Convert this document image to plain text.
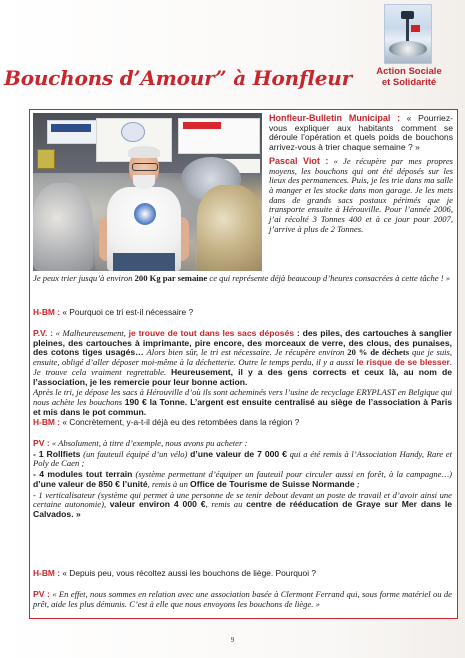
Action Sociale
et Solidarité
Bouchons d’Amour” à Honfleur

Honfleur-Bulletin Municipal : « Pourriez-vous expliquer aux habitants comment se déroule l’opération et quels poids de bouchons arrivez-vous à trier chaque semaine ? »

Pascal Viot : « Je récupère par mes propres moyens, les bouchons qui ont été déposés sur les lieux des permanences. Puis, je les trie dans ma salle à manger et les stocke dans mon garage. Je les mets dans de grands sacs postaux périmés que je transporte ensuite à Hérouville. Pour l’année 2006, j’ai récolté 3 Tonnes 400 et à ce jour pour 2007, j’arrive à plus de 2 Tonnes.

Je peux trier jusqu’à environ 200 Kg par semaine ce qui représente déjà beaucoup d’heures consacrées à cette tâche ! »
H-BM : « Pourquoi ce tri est-il nécessaire ?
P.V. : « Malheureusement, je trouve de tout dans les sacs déposés : des piles, des cartouches à sanglier pleines, des cartouches à imprimante, pire encore, des morceaux de verre, des clous, des punaises, des cotons tiges usagés… Alors bien sûr, le tri est nécessaire. Je récupère environ 20 % de déchets que je suis, ensuite, obligé d’aller déposer moi-même à la déchetterie. Outre le temps perdu, il y a aussi le risque de se blesser. Je trouve cela vraiment regrettable. Heureusement, il y a des gens corrects et ceux là, au nom de l’association, je les remercie pour leur bonne action.

Après le tri, je dépose les sacs à Hérouville d’où ils sont acheminés vers l’usine de recyclage ERYPLAST en Belgique qui nous achète les bouchons 190 € la Tonne. L’argent est ensuite centralisé au siège de l’association à Paris et mis dans le pot commun.

H-BM : « Concrètement, y-a-t-il déjà eu des retombées dans la région ?

PV : « Absolument, à titre d’exemple, nous avons pu acheter :

- 1 Rollfiets (un fauteuil équipé d’un vélo) d’une valeur de 7 000 € qui a été remis à l’Association Handy, Rare et Poly de Caen ;

- 4 modules tout terrain (système permettant d’équiper un fauteuil pour circuler aussi en forêt, à la campagne…) d’une valeur de 850 € l’unité, remis à un Office de Tourisme de Suisse Normande ;

- 1 verticalisateur (système qui permet à une personne de se tenir debout devant un poste de travail et d’avoir ainsi une certaine autonomie), valeur environ 4 000 €, remis au centre de rééducation de Graye sur Mer dans le Calvados. »

H-BM : « Depuis peu, vous récoltez aussi les bouchons de liège. Pourquoi ?
PV : « En effet, nous sommes en relation avec une association basée à Clermont Ferrand qui, sous forme matériel ou de prêt, aide les plus démunis. C’est à elle que nous envoyons les bouchons de liège. »
9
